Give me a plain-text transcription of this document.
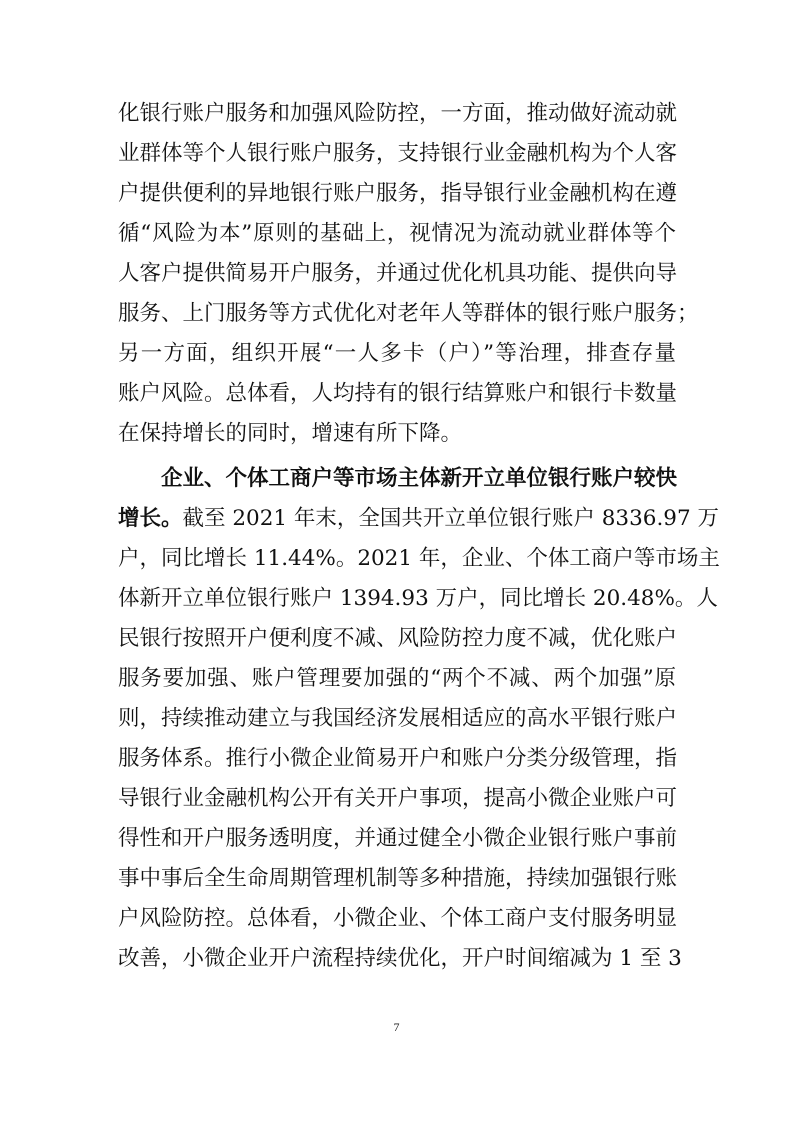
化银行账户服务和加强风险防控，一方面，推动做好流动就
业群体等个人银行账户服务，支持银行业金融机构为个人客
户提供便利的异地银行账户服务，指导银行业金融机构在遵
循“风险为本”原则的基础上，视情况为流动就业群体等个
人客户提供简易开户服务，并通过优化机具功能、提供向导
服务、上门服务等方式优化对老年人等群体的银行账户服务；
另一方面，组织开展“一人多卡（户）”等治理，排查存量
账户风险。总体看，人均持有的银行结算账户和银行卡数量
在保持增长的同时，增速有所下降。
企业、个体工商户等市场主体新开立单位银行账户较快
增长。截至 2021 年末，全国共开立单位银行账户 8336.97 万
户，同比增长 11.44%。2021 年，企业、个体工商户等市场主
体新开立单位银行账户 1394.93 万户，同比增长 20.48%。人
民银行按照开户便利度不减、风险防控力度不减，优化账户
服务要加强、账户管理要加强的“两个不减、两个加强”原
则，持续推动建立与我国经济发展相适应的高水平银行账户
服务体系。推行小微企业简易开户和账户分类分级管理，指
导银行业金融机构公开有关开户事项，提高小微企业账户可
得性和开户服务透明度，并通过健全小微企业银行账户事前
事中事后全生命周期管理机制等多种措施，持续加强银行账
户风险防控。总体看，小微企业、个体工商户支付服务明显
改善，小微企业开户流程持续优化，开户时间缩减为 1 至 3
7
